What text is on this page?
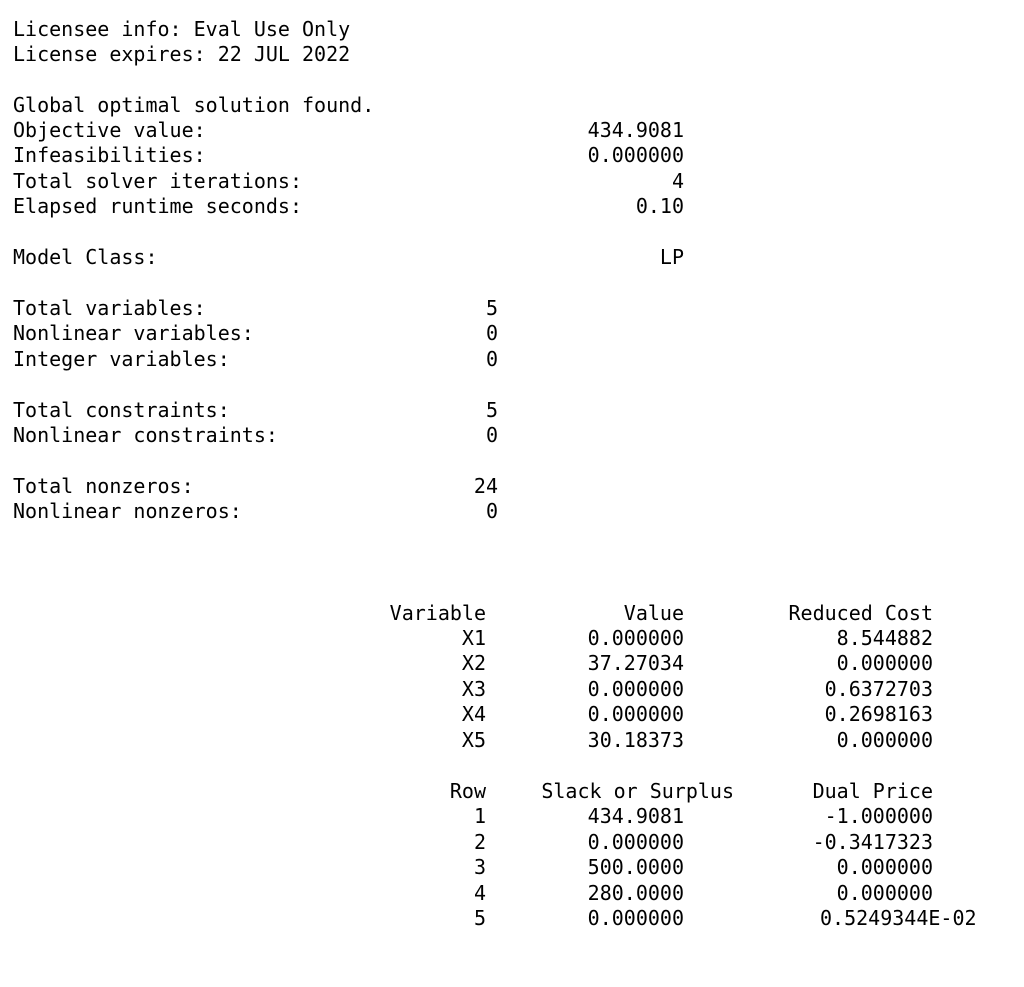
Licensee info: Eval Use Only
License expires: 22 JUL 2022
Global optimal solution found.
Objective value:	434.9081
Infeasibilities:	0.000000
Total solver iterations:	4
Elapsed runtime seconds:	0.10
Model Class:	LP
Total variables:	5
Nonlinear variables:	0
Integer variables:	0
Total constraints:	5
Nonlinear constraints:	0
Total nonzeros:	24
Nonlinear nonzeros:	0
Variable	Value	Reduced Cost
X1	0.000000	8.544882
X2	37.27034	0.000000
X3	0.000000	0.6372703
X4	0.000000	0.2698163
X5	30.18373	0.000000
Row	Slack or Surplus	Dual Price
1	434.9081	-1.000000
2	0.000000	-0.3417323
3	500.0000	0.000000
4	280.0000	0.000000
5	0.000000	0.5249344E-02
